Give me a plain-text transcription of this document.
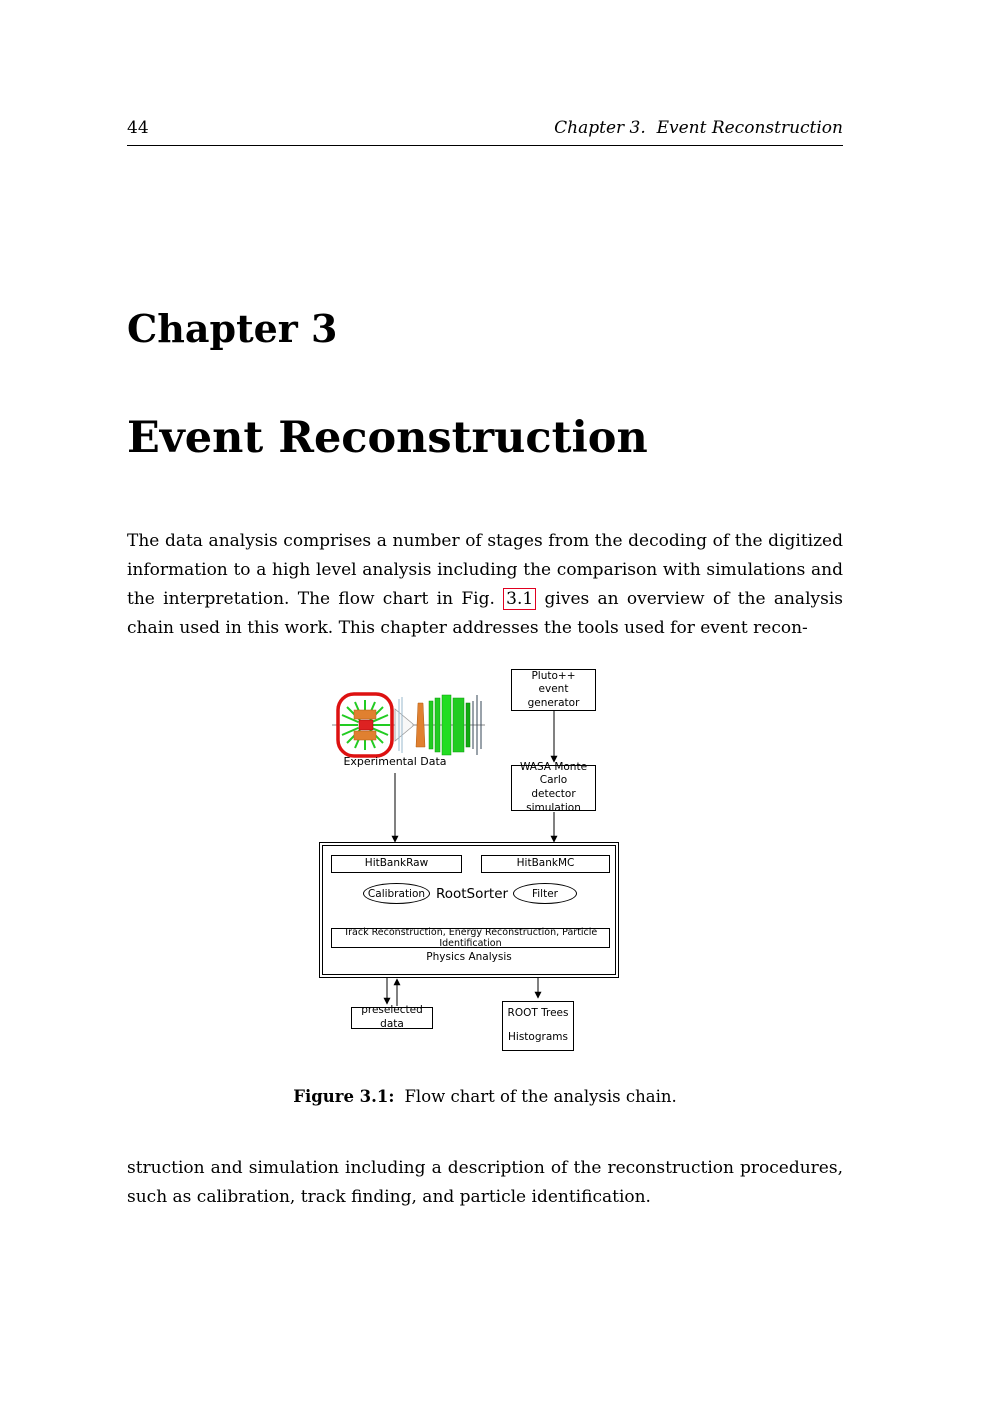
44	Chapter 3.  Event Reconstruction
Chapter 3
Event Reconstruction

The data analysis comprises a number of stages from the decoding of the digitized information to a high level analysis including the comparison with simulations and the interpretation. The flow chart in Fig. 3.1 gives an overview of the analysis chain used in this work. This chapter addresses the tools used for event recon-

Experimental Data
Pluto++
event generator
WASA Monte Carlo
detector simulation
HitBankRaw	HitBankMC
Calibration RootSorter	Filter
Track Reconstruction, Energy Reconstruction, Particle Identification
Physics Analysis
preselected data
ROOT Trees
Histograms
Figure 3.1: Flow chart of the analysis chain.

struction and simulation including a description of the reconstruction procedures, such as calibration, track finding, and particle identification.
